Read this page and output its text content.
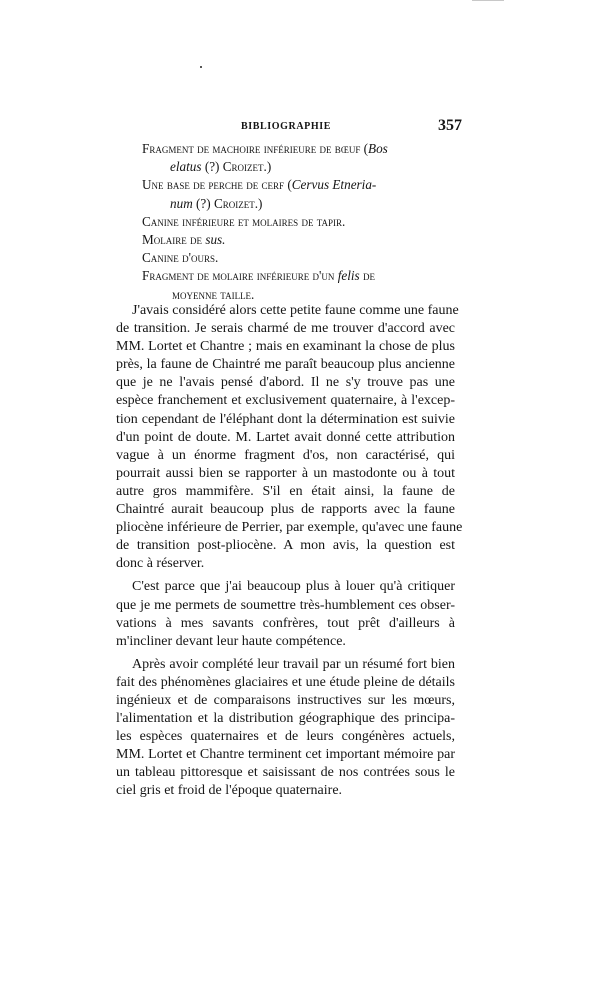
BIBLIOGRAPHIE	357
Fragment de machoire inférieure de bœuf (Bos
elatus (?) Croizet.)
Une base de perche de cerf (Cervus Etneria-
num (?) Croizet.)
Canine inférieure et molaires de tapir.
Molaire de sus.
Canine d'ours.
Fragment de molaire inférieure d'un felis de
moyenne taille.
J'avais considéré alors cette petite faune comme une faune
de transition. Je serais charmé de me trouver d'accord avec
MM. Lortet et Chantre ; mais en examinant la chose de plus
près, la faune de Chaintré me paraît beaucoup plus ancienne
que je ne l'avais pensé d'abord. Il ne s'y trouve pas une
espèce franchement et exclusivement quaternaire, à l'excep-
tion cependant de l'éléphant dont la détermination est suivie
d'un point de doute. M. Lartet avait donné cette attribution
vague à un énorme fragment d'os, non caractérisé, qui
pourrait aussi bien se rapporter à un mastodonte ou à tout
autre gros mammifère. S'il en était ainsi, la faune de
Chaintré aurait beaucoup plus de rapports avec la faune
pliocène inférieure de Perrier, par exemple, qu'avec une faune
de transition post-pliocène. A mon avis, la question est
donc à réserver.
C'est parce que j'ai beaucoup plus à louer qu'à critiquer
que je me permets de soumettre très-humblement ces obser-
vations à mes savants confrères, tout prêt d'ailleurs à
m'incliner devant leur haute compétence.
Après avoir complété leur travail par un résumé fort bien
fait des phénomènes glaciaires et une étude pleine de détails
ingénieux et de comparaisons instructives sur les mœurs,
l'alimentation et la distribution géographique des principa-
les espèces quaternaires et de leurs congénères actuels,
MM. Lortet et Chantre terminent cet important mémoire par
un tableau pittoresque et saisissant de nos contrées sous le
ciel gris et froid de l'époque quaternaire.
